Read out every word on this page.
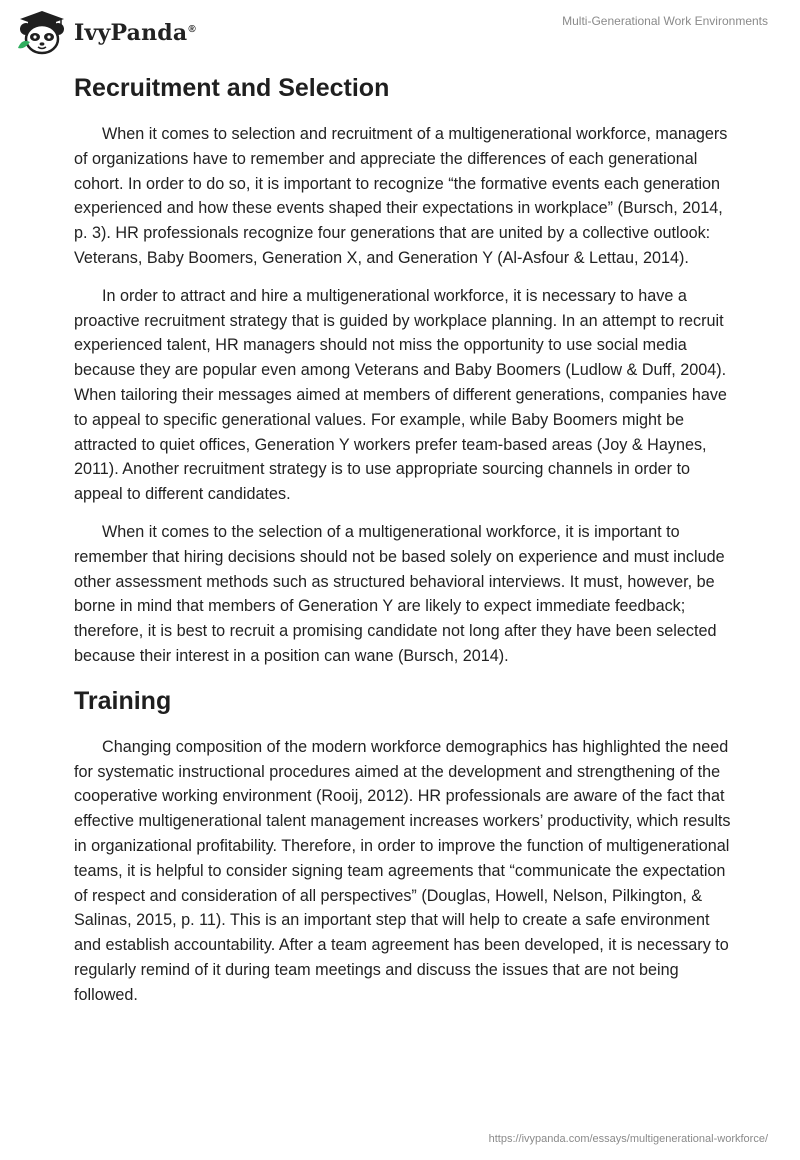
IvyPanda®
Multi-Generational Work Environments
Recruitment and Selection

When it comes to selection and recruitment of a multigenerational workforce, managers of organizations have to remember and appreciate the differences of each generational cohort. In order to do so, it is important to recognize “the formative events each generation experienced and how these events shaped their expectations in workplace” (Bursch, 2014, p. 3). HR professionals recognize four generations that are united by a collective outlook: Veterans, Baby Boomers, Generation X, and Generation Y (Al-Asfour & Lettau, 2014).

In order to attract and hire a multigenerational workforce, it is necessary to have a proactive recruitment strategy that is guided by workplace planning. In an attempt to recruit experienced talent, HR managers should not miss the opportunity to use social media because they are popular even among Veterans and Baby Boomers (Ludlow & Duff, 2004). When tailoring their messages aimed at members of different generations, companies have to appeal to specific generational values. For example, while Baby Boomers might be attracted to quiet offices, Generation Y workers prefer team-based areas (Joy & Haynes, 2011). Another recruitment strategy is to use appropriate sourcing channels in order to appeal to different candidates.

When it comes to the selection of a multigenerational workforce, it is important to remember that hiring decisions should not be based solely on experience and must include other assessment methods such as structured behavioral interviews. It must, however, be borne in mind that members of Generation Y are likely to expect immediate feedback; therefore, it is best to recruit a promising candidate not long after they have been selected because their interest in a position can wane (Bursch, 2014).

Training

Changing composition of the modern workforce demographics has highlighted the need for systematic instructional procedures aimed at the development and strengthening of the cooperative working environment (Rooij, 2012). HR professionals are aware of the fact that effective multigenerational talent management increases workers’ productivity, which results in organizational profitability. Therefore, in order to improve the function of multigenerational teams, it is helpful to consider signing team agreements that “communicate the expectation of respect and consideration of all perspectives” (Douglas, Howell, Nelson, Pilkington, & Salinas, 2015, p. 11). This is an important step that will help to create a safe environment and establish accountability. After a team agreement has been developed, it is necessary to regularly remind of it during team meetings and discuss the issues that are not being followed.

https://ivypanda.com/essays/multigenerational-workforce/
